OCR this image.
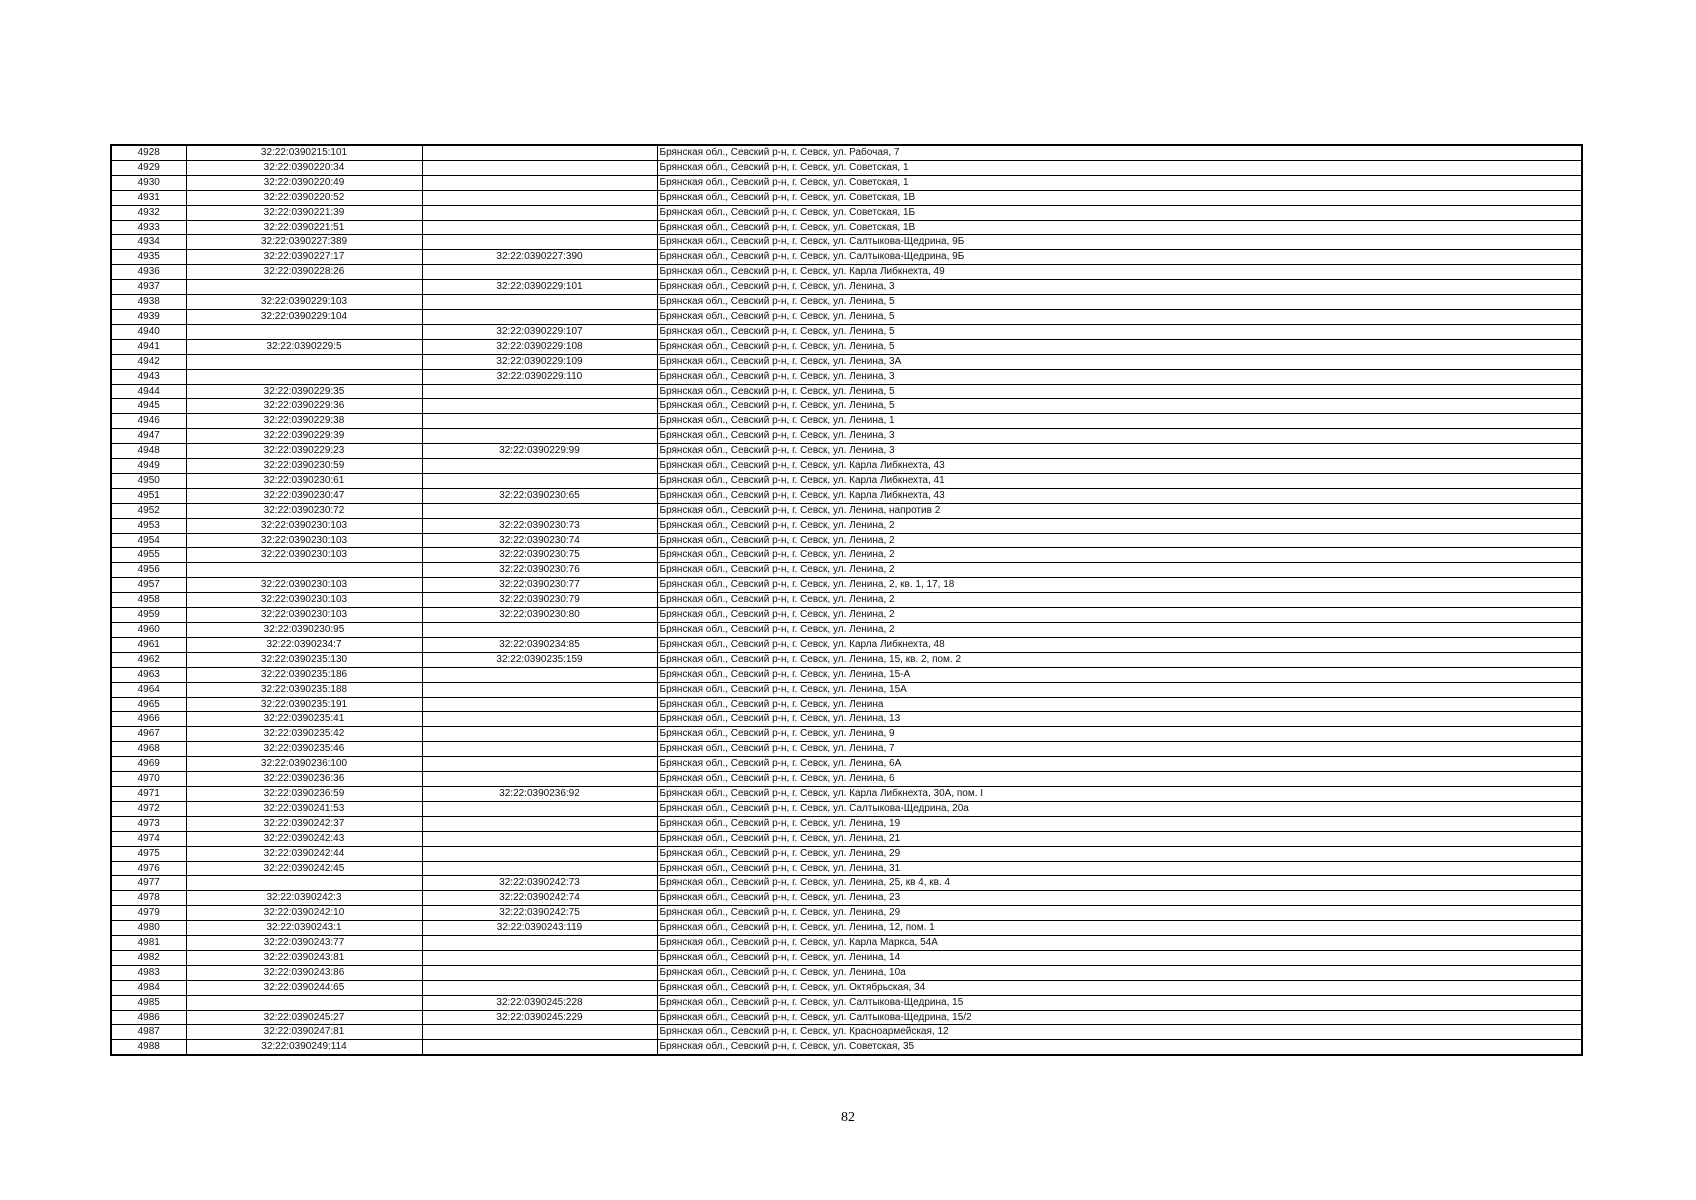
4928	32:22:0390215:101		Брянская обл., Севский р-н, г. Севск, ул. Рабочая, 7
4929	32:22:0390220:34		Брянская обл., Севский р-н, г. Севск, ул. Советская, 1
4930	32:22:0390220:49		Брянская обл., Севский р-н, г. Севск, ул. Советская, 1
4931	32:22:0390220:52		Брянская обл., Севский р-н, г. Севск, ул. Советская, 1В
4932	32:22:0390221:39		Брянская обл., Севский р-н, г. Севск, ул. Советская, 1Б
4933	32:22:0390221:51		Брянская обл., Севский р-н, г. Севск, ул. Советская, 1В
4934	32:22:0390227:389		Брянская обл., Севский р-н, г. Севск, ул. Салтыкова-Щедрина, 9Б
4935	32:22:0390227:17	32:22:0390227:390	Брянская обл., Севский р-н, г. Севск, ул. Салтыкова-Щедрина, 9Б
4936	32:22:0390228:26		Брянская обл., Севский р-н, г. Севск, ул. Карла Либкнехта, 49
4937		32:22:0390229:101	Брянская обл., Севский р-н, г. Севск, ул. Ленина, 3
4938	32:22:0390229:103		Брянская обл., Севский р-н, г. Севск, ул. Ленина, 5
4939	32:22:0390229:104		Брянская обл., Севский р-н, г. Севск, ул. Ленина, 5
4940		32:22:0390229:107	Брянская обл., Севский р-н, г. Севск, ул. Ленина, 5
4941	32:22:0390229:5	32:22:0390229:108	Брянская обл., Севский р-н, г. Севск, ул. Ленина, 5
4942		32:22:0390229:109	Брянская обл., Севский р-н, г. Севск, ул. Ленина, 3А
4943		32:22:0390229:110	Брянская обл., Севский р-н, г. Севск, ул. Ленина, 3
4944	32:22:0390229:35		Брянская обл., Севский р-н, г. Севск, ул. Ленина, 5
4945	32:22:0390229:36		Брянская обл., Севский р-н, г. Севск, ул. Ленина, 5
4946	32:22:0390229:38		Брянская обл., Севский р-н, г. Севск, ул. Ленина, 1
4947	32:22:0390229:39		Брянская обл., Севский р-н, г. Севск, ул. Ленина, 3
4948	32:22:0390229:23	32:22:0390229:99	Брянская обл., Севский р-н, г. Севск, ул. Ленина, 3
4949	32:22:0390230:59		Брянская обл., Севский р-н, г. Севск, ул. Карла Либкнехта, 43
4950	32:22:0390230:61		Брянская обл., Севский р-н, г. Севск, ул. Карла Либкнехта, 41
4951	32:22:0390230:47	32:22:0390230:65	Брянская обл., Севский р-н, г. Севск, ул. Карла Либкнехта, 43
4952	32:22:0390230:72		Брянская обл., Севский р-н, г. Севск, ул. Ленина, напротив 2
4953	32:22:0390230:103	32:22:0390230:73	Брянская обл., Севский р-н, г. Севск, ул. Ленина, 2
4954	32:22:0390230:103	32:22:0390230:74	Брянская обл., Севский р-н, г. Севск, ул. Ленина, 2
4955	32:22:0390230:103	32:22:0390230:75	Брянская обл., Севский р-н, г. Севск, ул. Ленина, 2
4956		32:22:0390230:76	Брянская обл., Севский р-н, г. Севск, ул. Ленина, 2
4957	32:22:0390230:103	32:22:0390230:77	Брянская обл., Севский р-н, г. Севск, ул. Ленина, 2, кв. 1, 17, 18
4958	32:22:0390230:103	32:22:0390230:79	Брянская обл., Севский р-н, г. Севск, ул. Ленина, 2
4959	32:22:0390230:103	32:22:0390230:80	Брянская обл., Севский р-н, г. Севск, ул. Ленина, 2
4960	32:22:0390230:95		Брянская обл., Севский р-н, г. Севск, ул. Ленина, 2
4961	32:22:0390234:7	32:22:0390234:85	Брянская обл., Севский р-н, г. Севск, ул. Карла Либкнехта, 48
4962	32:22:0390235:130	32:22:0390235:159	Брянская обл., Севский р-н, г. Севск, ул. Ленина, 15, кв. 2, пом. 2
4963	32:22:0390235:186		Брянская обл., Севский р-н, г. Севск, ул. Ленина, 15-А
4964	32:22:0390235:188		Брянская обл., Севский р-н, г. Севск, ул. Ленина, 15А
4965	32:22:0390235:191		Брянская обл., Севский р-н, г. Севск, ул. Ленина
4966	32:22:0390235:41		Брянская обл., Севский р-н, г. Севск, ул. Ленина, 13
4967	32:22:0390235:42		Брянская обл., Севский р-н, г. Севск, ул. Ленина, 9
4968	32:22:0390235:46		Брянская обл., Севский р-н, г. Севск, ул. Ленина, 7
4969	32:22:0390236:100		Брянская обл., Севский р-н, г. Севск, ул. Ленина, 6А
4970	32:22:0390236:36		Брянская обл., Севский р-н, г. Севск, ул. Ленина, 6
4971	32:22:0390236:59	32:22:0390236:92	Брянская обл., Севский р-н, г. Севск, ул. Карла Либкнехта, 30А, пом. I
4972	32:22:0390241:53		Брянская обл., Севский р-н, г. Севск, ул. Салтыкова-Щедрина, 20а
4973	32:22:0390242:37		Брянская обл., Севский р-н, г. Севск, ул. Ленина, 19
4974	32:22:0390242:43		Брянская обл., Севский р-н, г. Севск, ул. Ленина, 21
4975	32:22:0390242:44		Брянская обл., Севский р-н, г. Севск, ул. Ленина, 29
4976	32:22:0390242:45		Брянская обл., Севский р-н, г. Севск, ул. Ленина, 31
4977		32:22:0390242:73	Брянская обл., Севский р-н, г. Севск, ул. Ленина, 25, кв 4, кв. 4
4978	32:22:0390242:3	32:22:0390242:74	Брянская обл., Севский р-н, г. Севск, ул. Ленина, 23
4979	32:22:0390242:10	32:22:0390242:75	Брянская обл., Севский р-н, г. Севск, ул. Ленина, 29
4980	32:22:0390243:1	32:22:0390243:119	Брянская обл., Севский р-н, г. Севск, ул. Ленина, 12, пом. 1
4981	32:22:0390243:77		Брянская обл., Севский р-н, г. Севск, ул. Карла Маркса, 54А
4982	32:22:0390243:81		Брянская обл., Севский р-н, г. Севск, ул. Ленина, 14
4983	32:22:0390243:86		Брянская обл., Севский р-н, г. Севск, ул. Ленина, 10а
4984	32:22:0390244:65		Брянская обл., Севский р-н, г. Севск, ул. Октябрьская, 34
4985		32:22:0390245:228	Брянская обл., Севский р-н, г. Севск, ул. Салтыкова-Щедрина, 15
4986	32:22:0390245:27	32:22:0390245:229	Брянская обл., Севский р-н, г. Севск, ул. Салтыкова-Щедрина, 15/2
4987	32:22:0390247:81		Брянская обл., Севский р-н, г. Севск, ул. Красноармейская, 12
4988	32:22:0390249:114		Брянская обл., Севский р-н, г. Севск, ул. Советская, 35
82
